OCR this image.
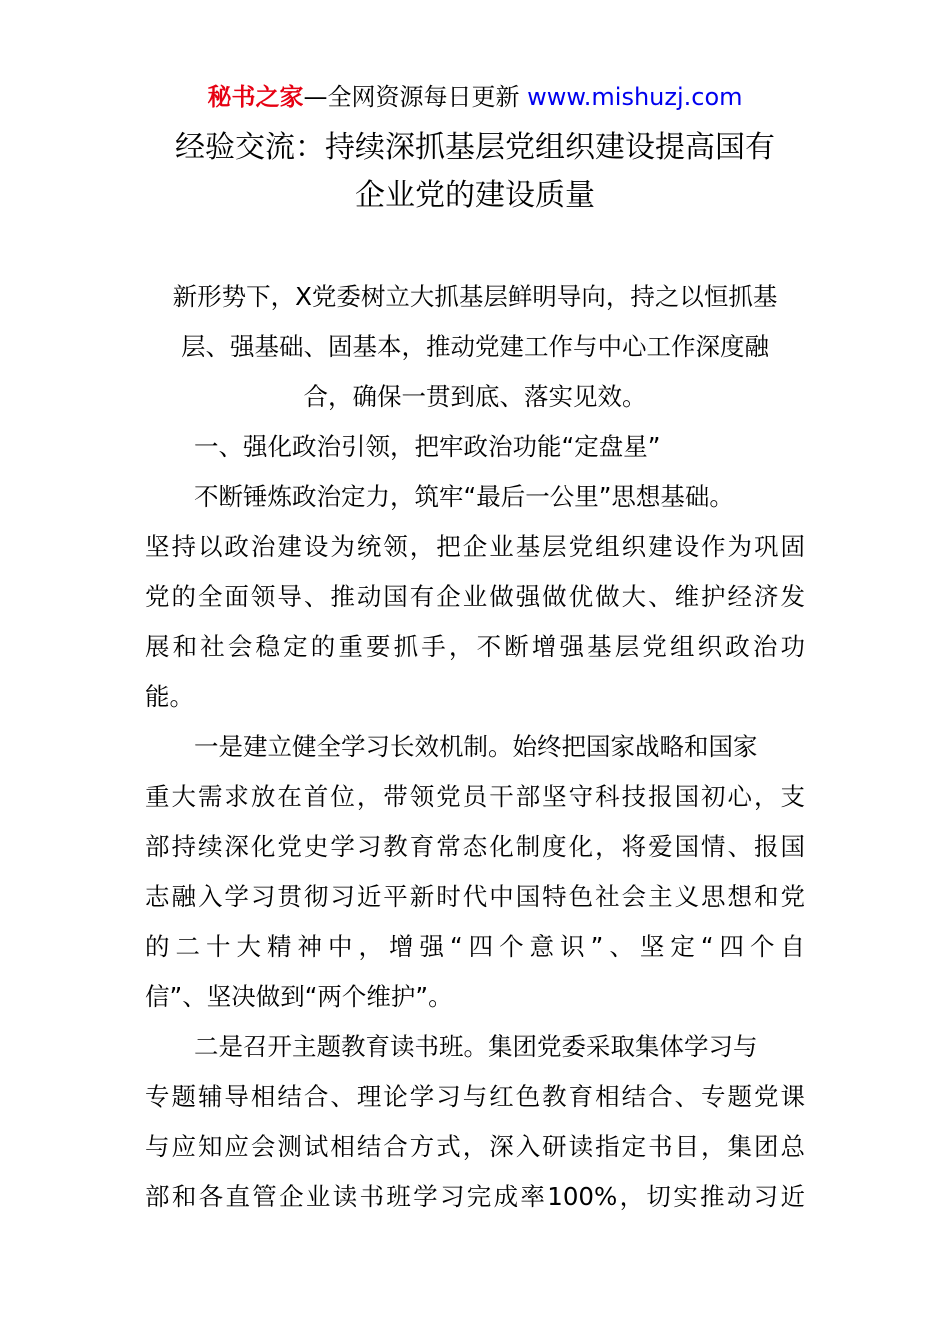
秘书之家—全网资源每日更新 www.mishuzj.com
经验交流：持续深抓基层党组织建设提高国有
企业党的建设质量
新形势下，X党委树立大抓基层鲜明导向，持之以恒抓基
层、强基础、固基本，推动党建工作与中心工作深度融
合，确保一贯到底、落实见效。
一、强化政治引领，把牢政治功能“定盘星”
不断锤炼政治定力，筑牢“最后一公里”思想基础。
坚持以政治建设为统领，把企业基层党组织建设作为巩固
党的全面领导、推动国有企业做强做优做大、维护经济发
展和社会稳定的重要抓手，不断增强基层党组织政治功
能。
一是建立健全学习长效机制。始终把国家战略和国家
重大需求放在首位，带领党员干部坚守科技报国初心，支
部持续深化党史学习教育常态化制度化，将爱国情、报国
志融入学习贯彻习近平新时代中国特色社会主义思想和党
的二十大精神中，增强“四个意识”、坚定“四个自
信”、坚决做到“两个维护”。
二是召开主题教育读书班。集团党委采取集体学习与
专题辅导相结合、理论学习与红色教育相结合、专题党课
与应知应会测试相结合方式，深入研读指定书目，集团总
部和各直管企业读书班学习完成率100%，切实推动习近
